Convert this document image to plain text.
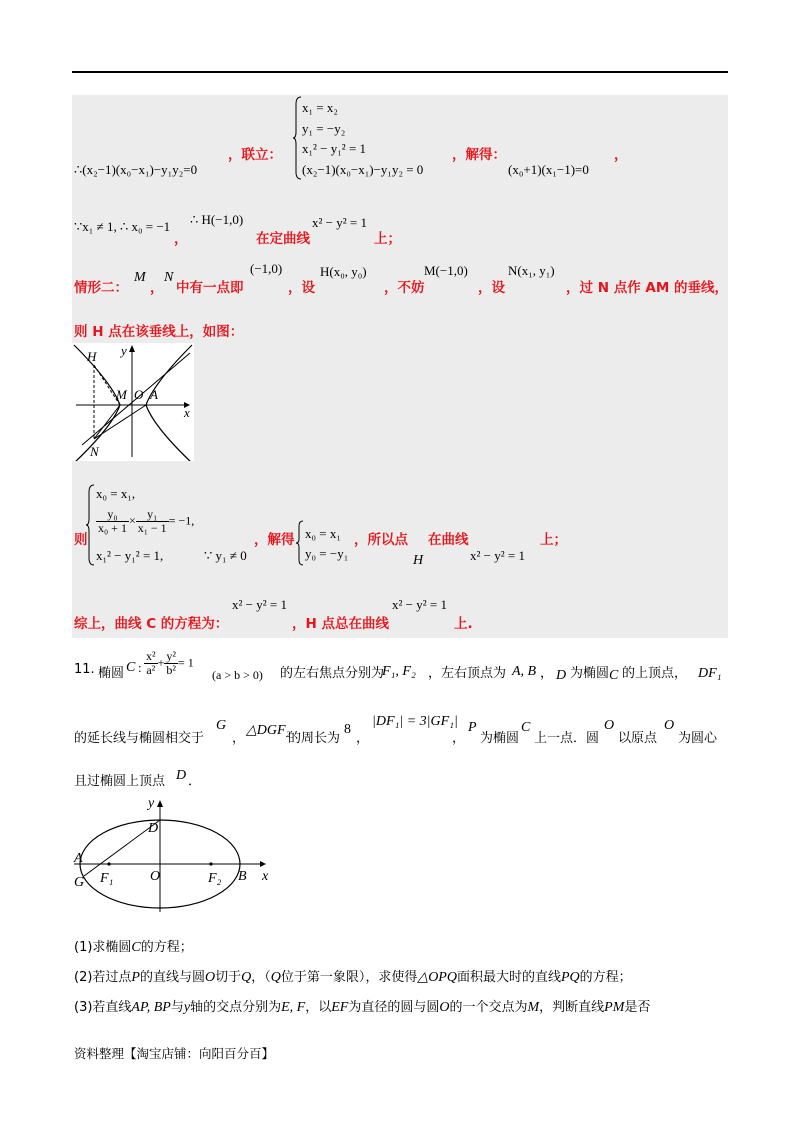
∴(x₂−1)(x₀−x₁)−y₁y₂=0
，联立：
x₁ = x₂
y₁ = −y₂
x₁² − y₁² = 1
(x₂−1)(x₀−x₁)−y₁y₂ = 0
，解得：
(x₀+1)(x₁−1)=0
，
∵x₁ ≠ 1, ∴ x₀ = −1
，
∴ H(−1,0)
在定曲线
x² − y² = 1
上；
情形二：
M
，
N
中有一点即
(−1,0)
，设
H(x₀, y₀)
，不妨
M(−1,0)
，设
N(x₁, y₁)
，过 N 点作 AM 的垂线，
则 H 点在该垂线上，如图：
H y
M O A
x
N
则
x₀ = x₁,
$\frac{\text{y₀}}{\text{x₀ + 1}} \times \frac{\text{y₁}}{\text{x₁ − 1}} = -1$,
x₁² − y₁² = 1,	∵ y₁ ≠ 0
，解得 x₀ = x₁
y₀ = −y₁
，所以点 在曲线	上；
H	x² − y² = 1
综上，曲线 C 的方程为：
x² − y² = 1
，H 点总在曲线
x² − y² = 1
上.
11. 椭圆 C : $\frac{\text{x²}}{\text{a²}} + \frac{\text{y²}}{\text{b²}} = 1$
(a > b > 0) 的左右焦点分别为
F₁, F₂ ，左右顶点为 A, B ， D 为椭圆 C 的上顶点， DF₁
的延长线与椭圆相交于
G
，
△DGF₂
的周长为
8
，
|DF₁| = 3|GF₁|
，
P
为椭圆
C
上一点．圆
O
以原点
O
为圆心
且过椭圆上顶点 D ．
y
D
A
F₁	O	F₂ B x
G
(1)求椭圆C的方程；
(2)若过点P的直线与圆O切于Q，（Q位于第一象限），求使得△OPQ面积最大时的直线PQ的方程；
(3)若直线AP, BP与y轴的交点分别为E, F，以EF为直径的圆与圆O的一个交点为M，判断直线PM是否
资料整理【淘宝店铺：向阳百分百】
